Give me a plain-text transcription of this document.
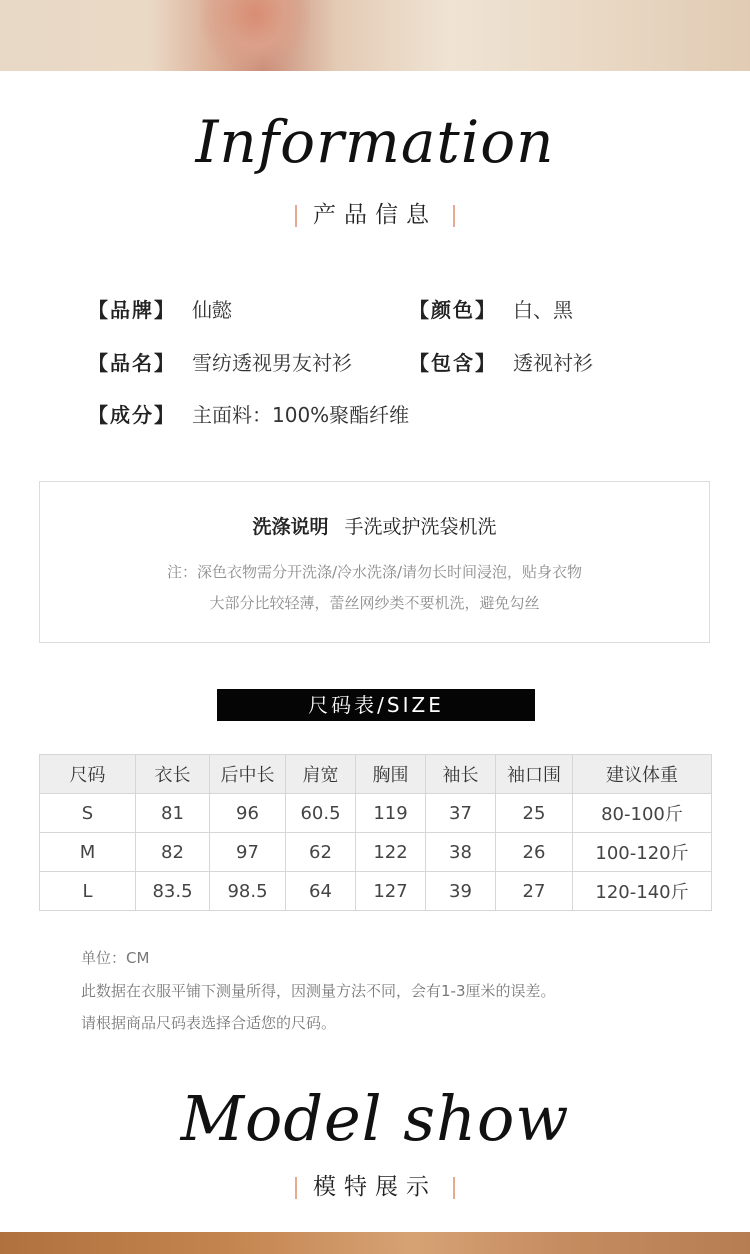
Information
产品信息
【品牌】 仙懿	【颜色】 白、黑
【品名】 雪纺透视男友衬衫	【包含】 透视衬衫
【成分】 主面料：100%聚酯纤维
洗涤说明 手洗或护洗袋机洗
注：深色衣物需分开洗涤/冷水洗涤/请勿长时间浸泡，贴身衣物
大部分比较轻薄，蕾丝网纱类不要机洗，避免勾丝
尺码表/SIZE
尺码	衣长	后中长	肩宽	胸围	袖长	袖口围	建议体重
S	81	96	60.5	119	37	25	80-100斤
M	82	97	62	122	38	26	100-120斤
L	83.5	98.5	64	127	39	27	120-140斤
单位：CM
此数据在衣服平铺下测量所得，因测量方法不同，会有1-3厘米的误差。
请根据商品尺码表选择合适您的尺码。
Model show
模特展示
